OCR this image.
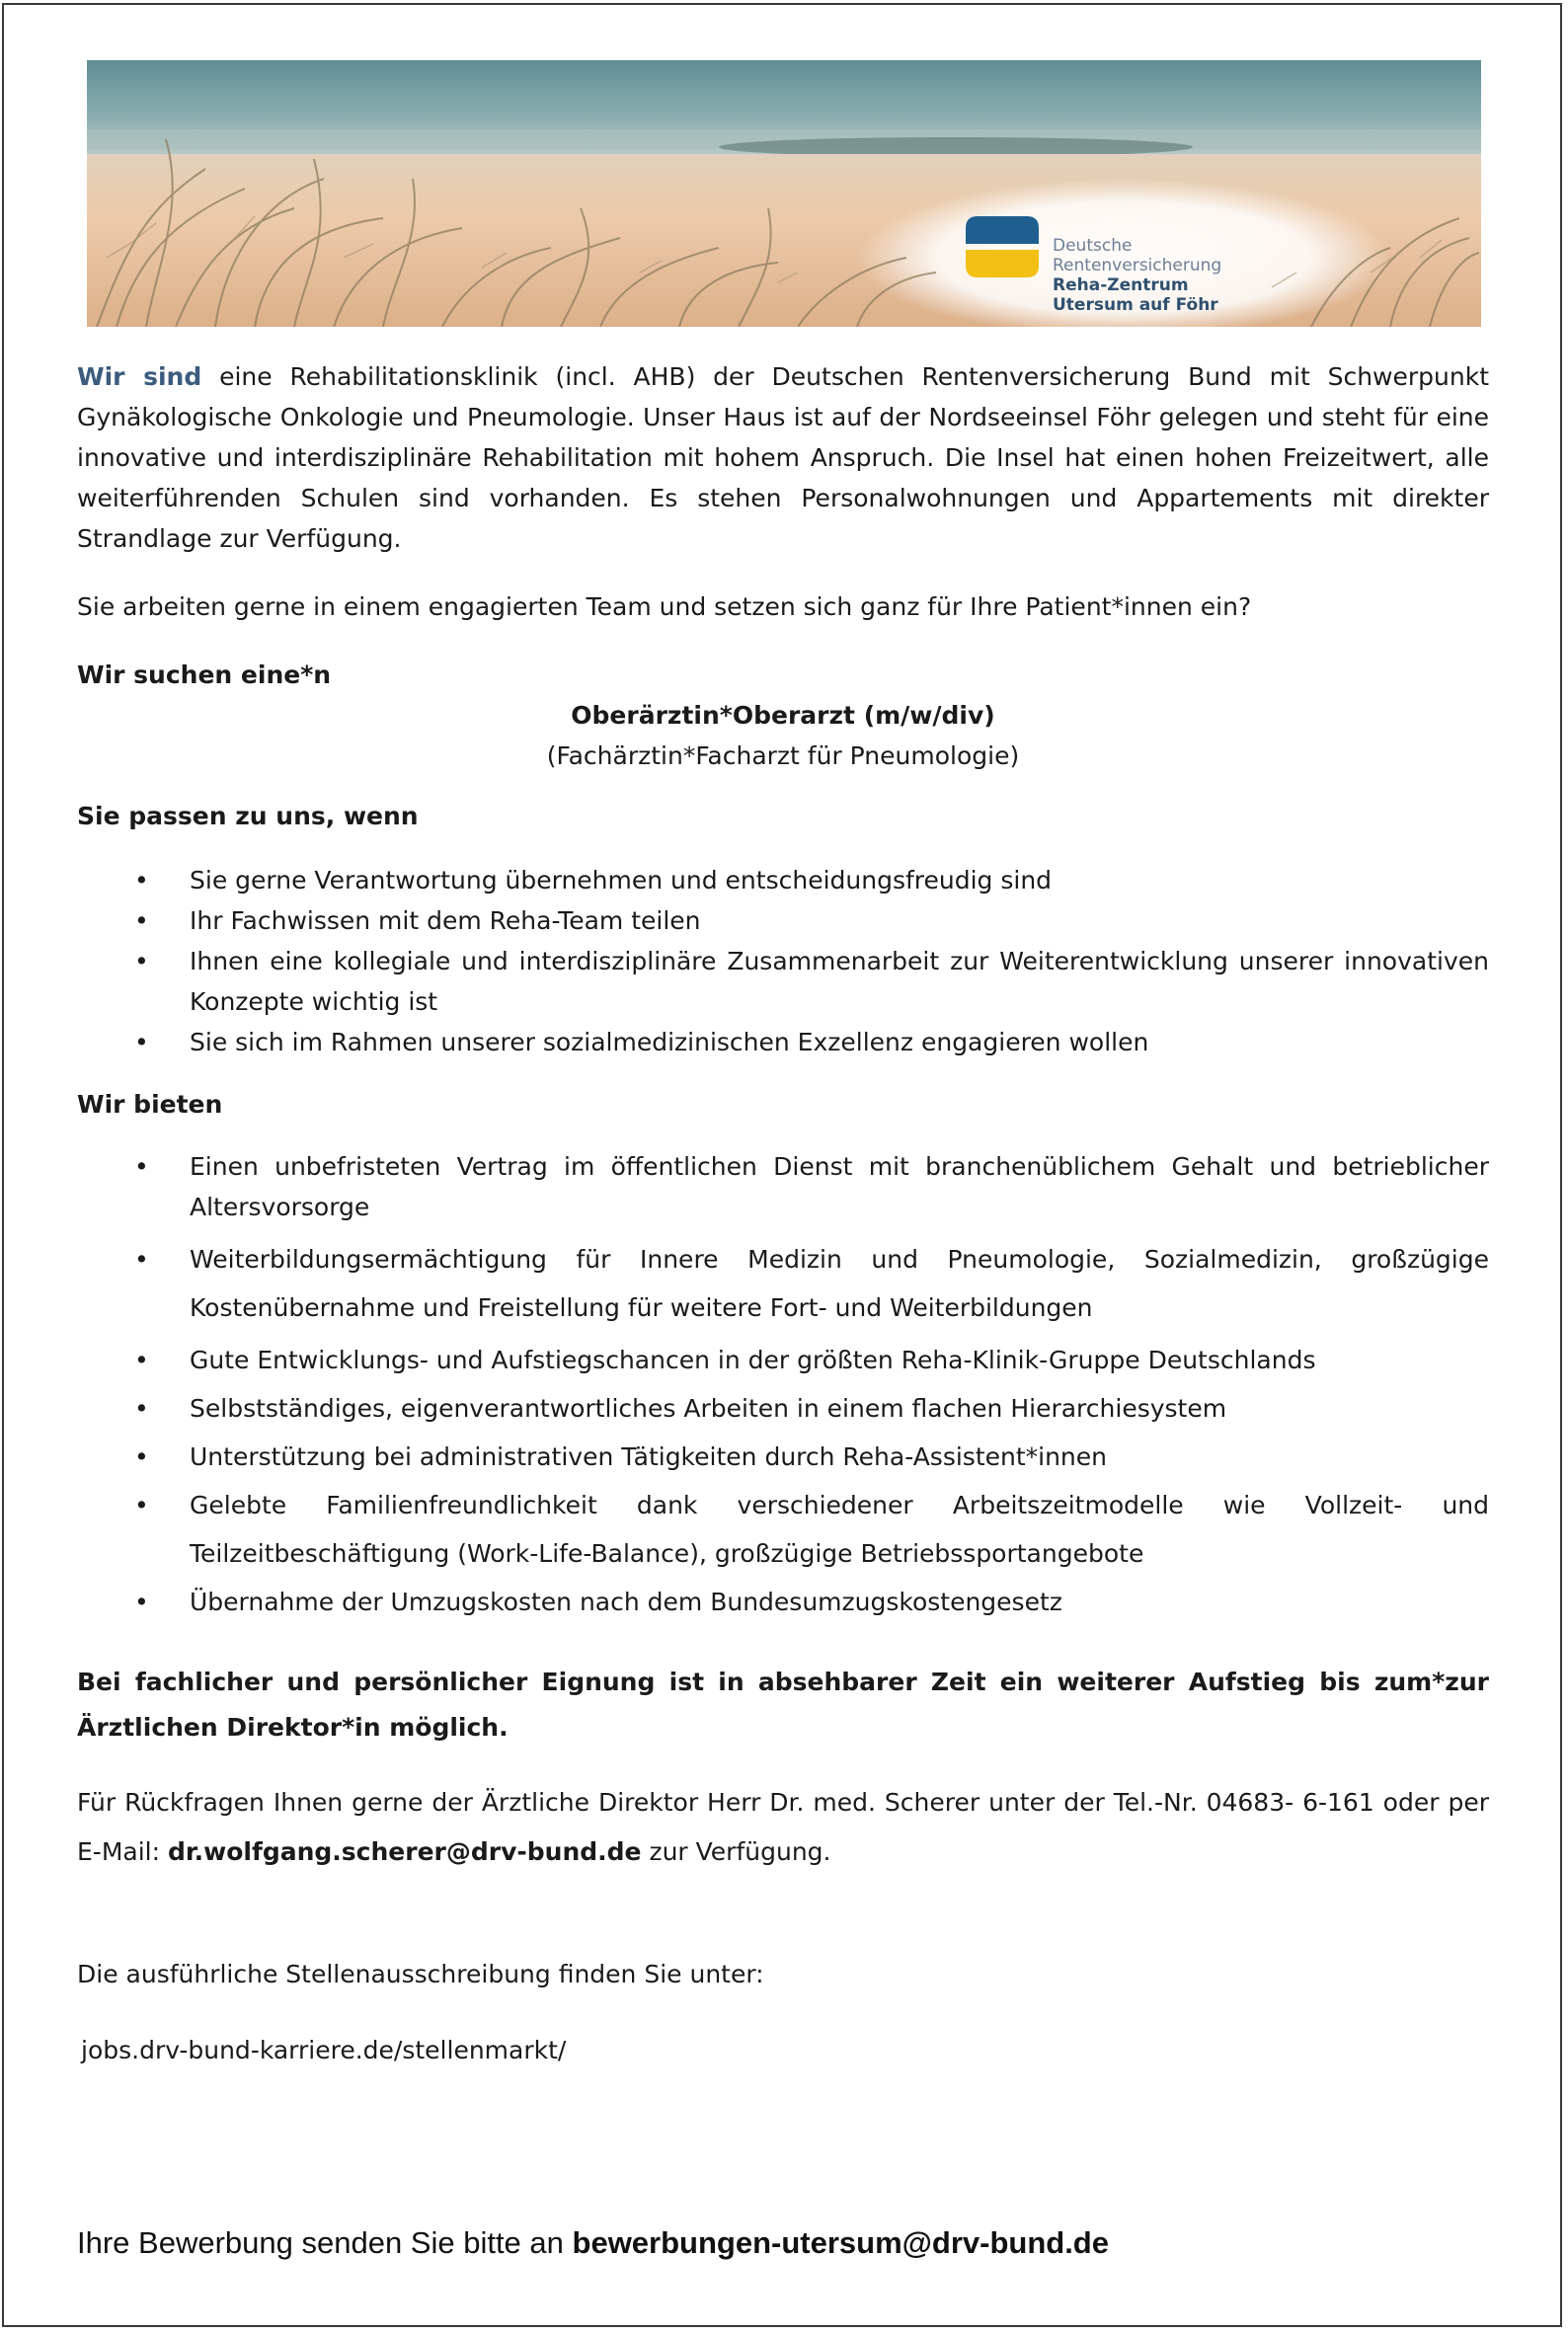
Deutsche
Rentenversicherung
Reha-Zentrum
Utersum auf Föhr

Wir sind eine Rehabilitationsklinik (incl. AHB) der Deutschen Rentenversicherung Bund mit Schwerpunkt Gynäkologische Onkologie und Pneumologie. Unser Haus ist auf der Nordseeinsel Föhr gelegen und steht für eine innovative und interdisziplinäre Rehabilitation mit hohem Anspruch. Die Insel hat einen hohen Freizeitwert, alle weiterführenden Schulen sind vorhanden. Es stehen Personalwohnungen und Appartements mit direkter Strandlage zur Verfügung.

Sie arbeiten gerne in einem engagierten Team und setzen sich ganz für Ihre Patient*innen ein?

Wir suchen eine*n

Oberärztin*Oberarzt (m/w/div)

(Fachärztin*Facharzt für Pneumologie)

Sie passen zu uns, wenn

• Sie gerne Verantwortung übernehmen und entscheidungsfreudig sind
• Ihr Fachwissen mit dem Reha-Team teilen
• Ihnen eine kollegiale und interdisziplinäre Zusammenarbeit zur Weiterentwicklung unserer innovativen Konzepte wichtig ist
• Sie sich im Rahmen unserer sozialmedizinischen Exzellenz engagieren wollen

Wir bieten

• Einen unbefristeten Vertrag im öffentlichen Dienst mit branchenüblichem Gehalt und betrieblicher Altersvorsorge
• Weiterbildungsermächtigung für Innere Medizin und Pneumologie, Sozialmedizin, großzügige Kostenübernahme und Freistellung für weitere Fort- und Weiterbildungen
• Gute Entwicklungs- und Aufstiegschancen in der größten Reha-Klinik-Gruppe Deutschlands
• Selbstständiges, eigenverantwortliches Arbeiten in einem flachen Hierarchiesystem
• Unterstützung bei administrativen Tätigkeiten durch Reha-Assistent*innen
• Gelebte Familienfreundlichkeit dank verschiedener Arbeitszeitmodelle wie Vollzeit- und Teilzeitbeschäftigung (Work-Life-Balance), großzügige Betriebssportangebote
• Übernahme der Umzugskosten nach dem Bundesumzugskostengesetz

Bei fachlicher und persönlicher Eignung ist in absehbarer Zeit ein weiterer Aufstieg bis zum*zur Ärztlichen Direktor*in möglich.

Für Rückfragen Ihnen gerne der Ärztliche Direktor Herr Dr. med. Scherer unter der Tel.-Nr. 04683- 6-161 oder per E-Mail: dr.wolfgang.scherer@drv-bund.de zur Verfügung.

Die ausführliche Stellenausschreibung finden Sie unter:

jobs.drv-bund-karriere.de/stellenmarkt/

Ihre Bewerbung senden Sie bitte an bewerbungen-utersum@drv-bund.de
